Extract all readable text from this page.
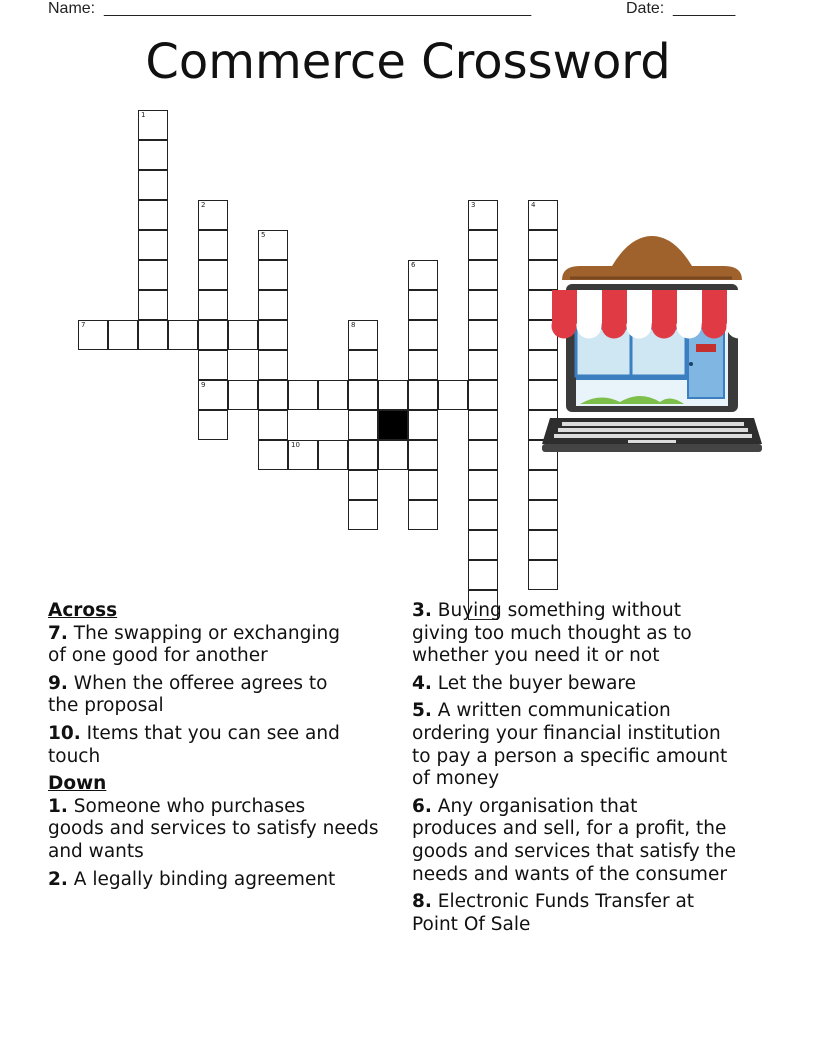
Name: ________________________________________________	Date: _______
Commerce Crossword
1
2
5
6
3	4
7	8
9
10
Across
7. The swapping or exchanging
of one good for another
9. When the offeree agrees to
the proposal
10. Items that you can see and
touch
Down
1. Someone who purchases
goods and services to satisfy needs
and wants
2. A legally binding agreement
3. Buying something without
giving too much thought as to
whether you need it or not
4. Let the buyer beware
5. A written communication
ordering your financial institution
to pay a person a specific amount
of money
6. Any organisation that
produces and sell, for a profit, the
goods and services that satisfy the
needs and wants of the consumer
8. Electronic Funds Transfer at
Point Of Sale
